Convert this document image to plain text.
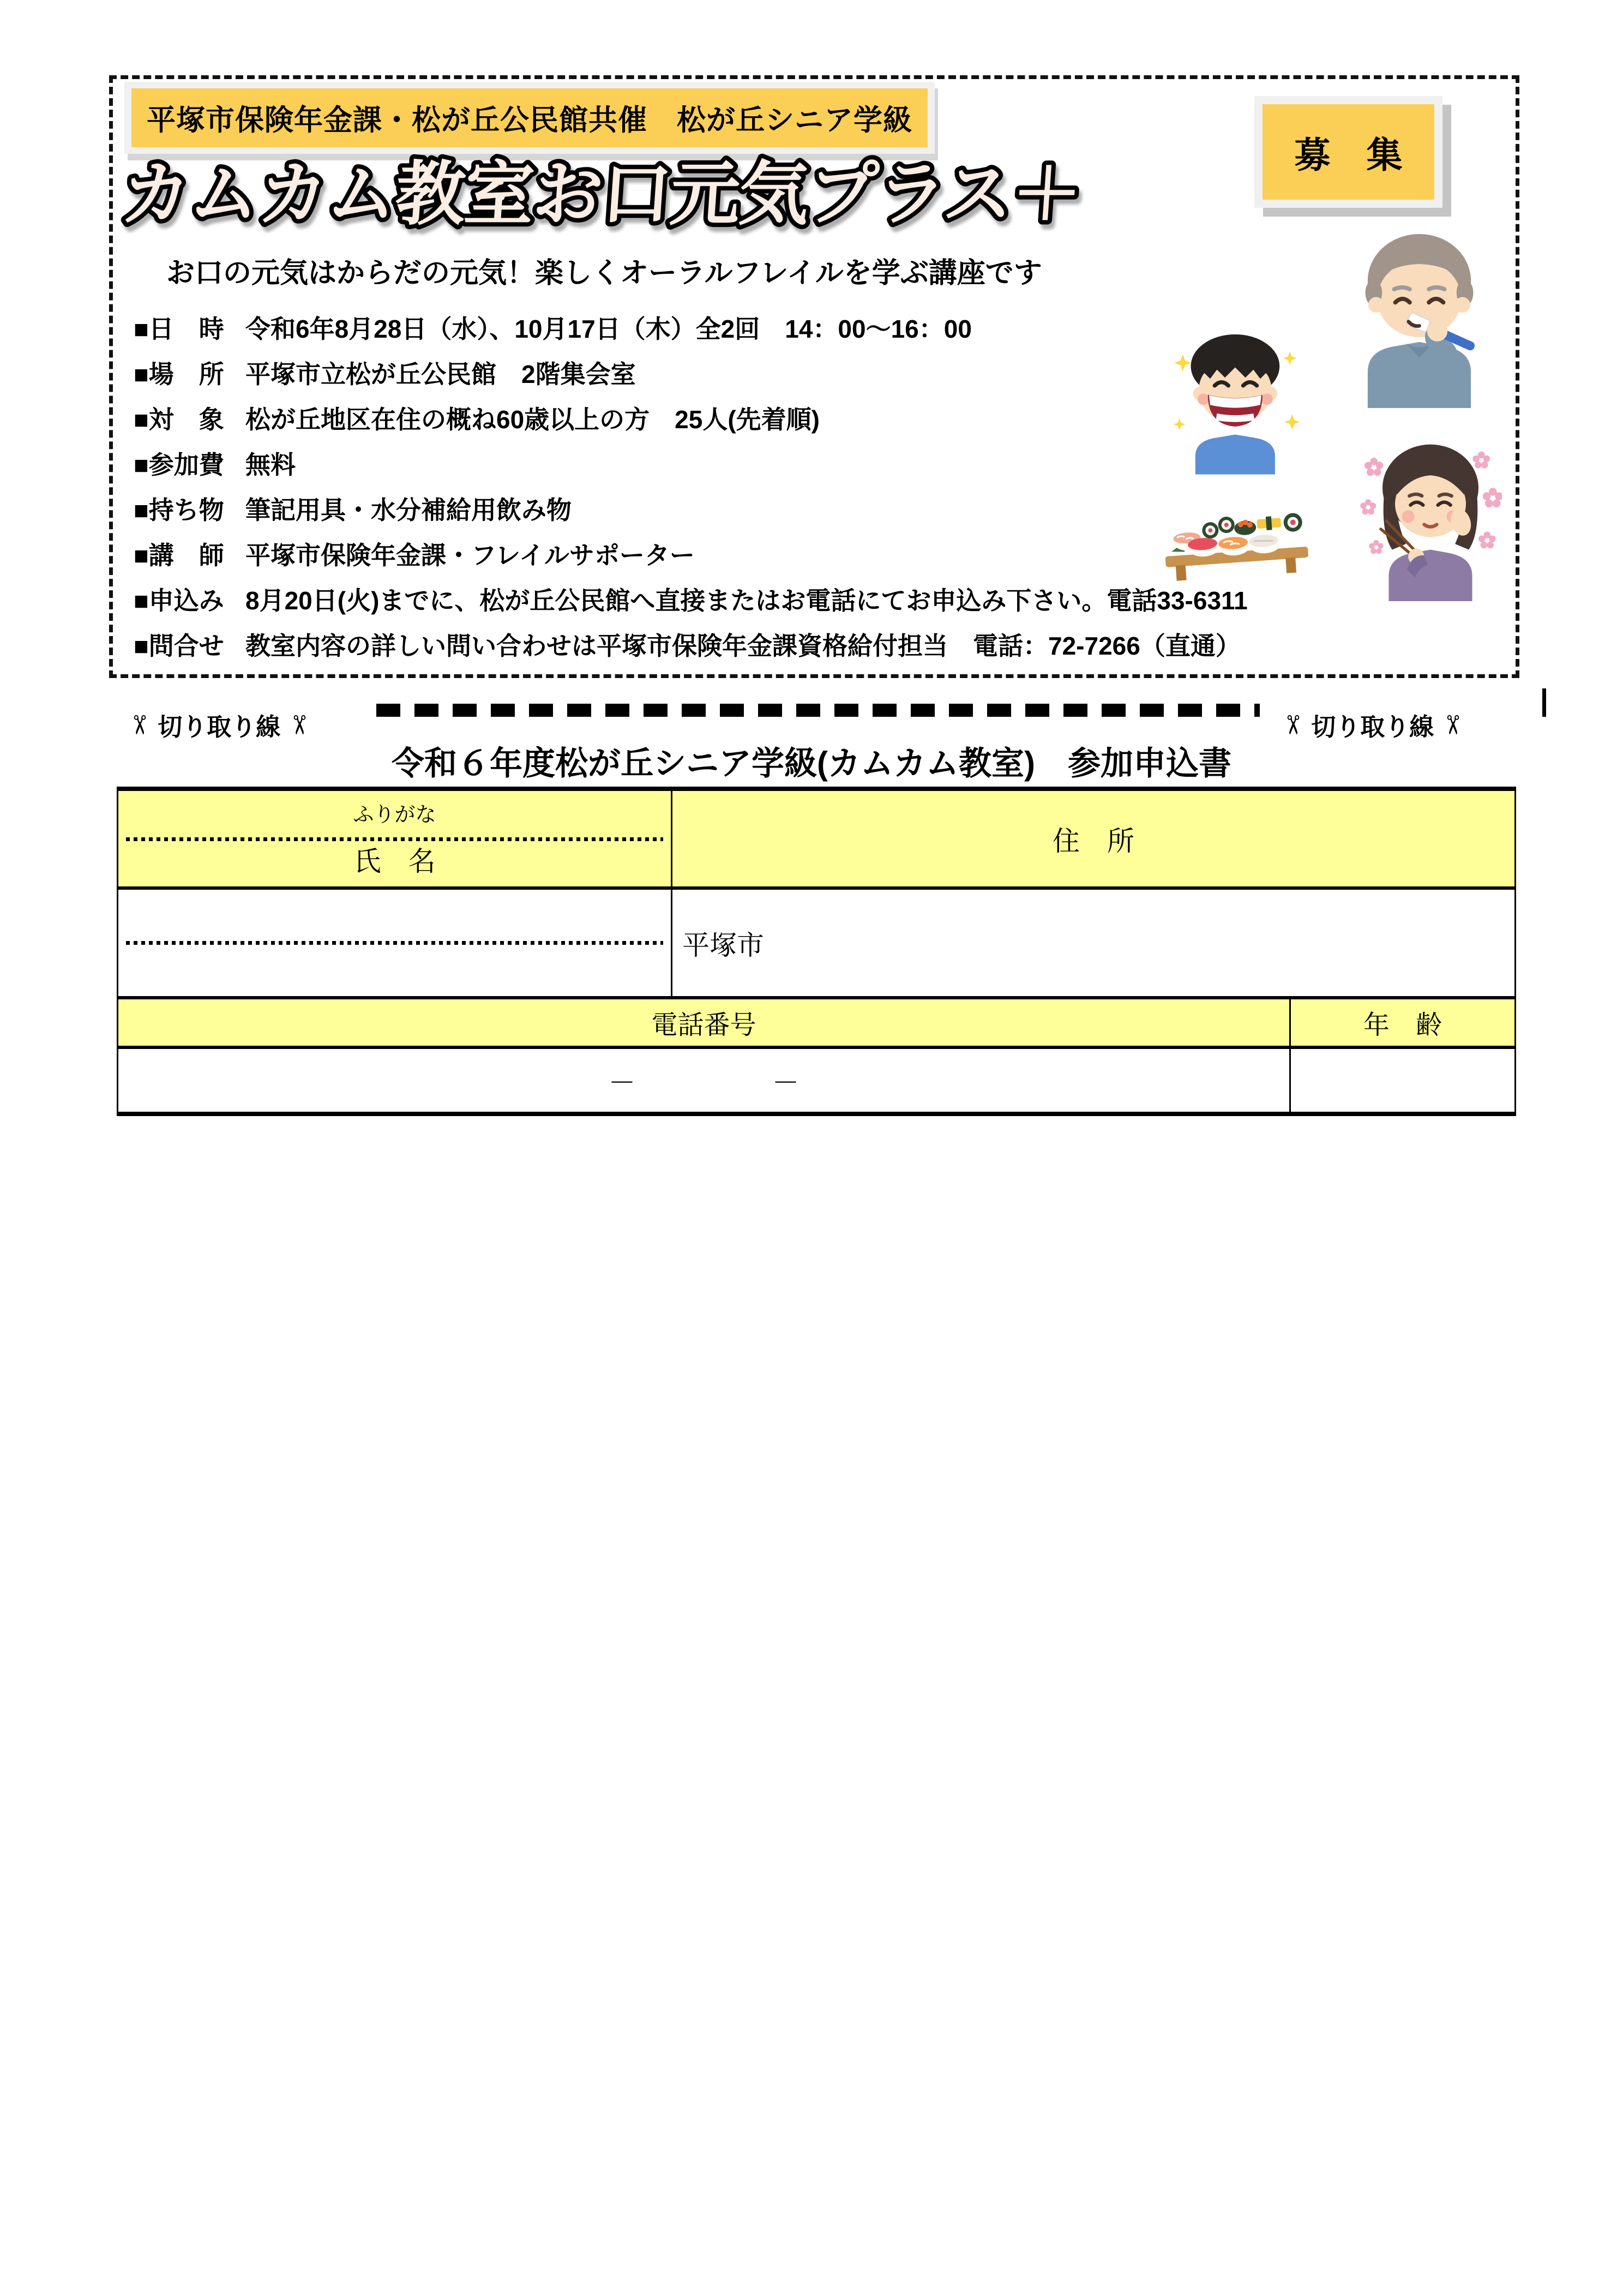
平塚市保険年金課・松が丘公民館共催　松が丘シニア学級
募　集
カムカム教室お口元気プラス＋
お口の元気はからだの元気！楽しくオーラルフレイルを学ぶ講座です
■日　時 令和6年8月28日（水）、10月17日（木）全2回　14：00～16：00
■場　所 平塚市立松が丘公民館　2階集会室
■対　象 松が丘地区在住の概ね60歳以上の方　25人(先着順)
■参加費 無料
■持ち物 筆記用具・水分補給用飲み物
■講　師 平塚市保険年金課・フレイルサポーター
■申込み 8月20日(火)までに、松が丘公民館へ直接またはお電話にてお申込み下さい。電話33-6311
■問合せ 教室内容の詳しい問い合わせは平塚市保険年金課資格給付担当　電話：72-7266（直通）
✂ 切り取り線 ✂	✂ 切り取り線 ✂
令和６年度松が丘シニア学級(カムカム教室)　参加申込書
ふりがな
氏　名
住　所
平塚市
電話番号	年　齢
－　　　　　－
